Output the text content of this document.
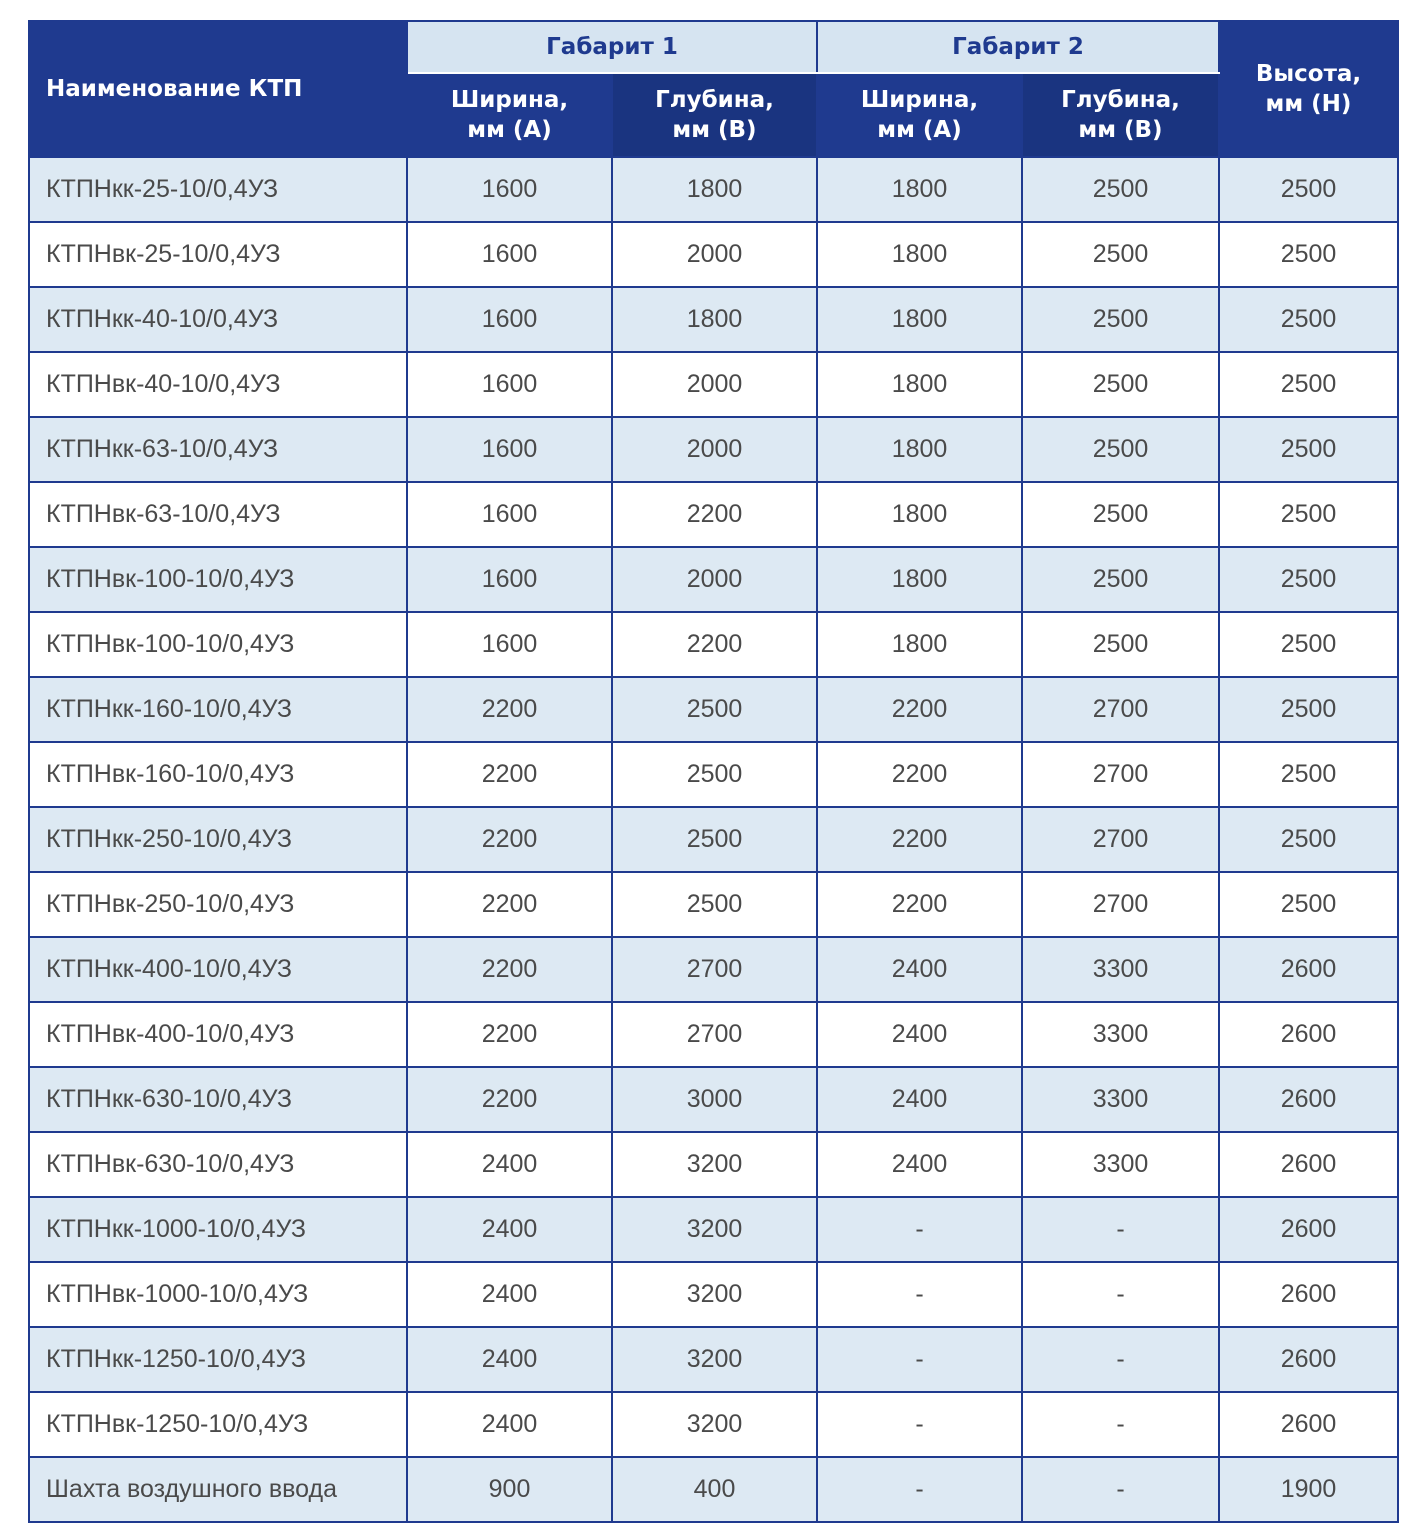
Наименование КТП	Габарит 1		Габарит 2		Высота, мм (Н)
	Ширина, мм (А)	Глубина, мм (В)	Ширина, мм (А)	Глубина, мм (В)	
КТПНкк-25-10/0,4УЗ	1600	1800	1800	2500	2500
КТПНвк-25-10/0,4УЗ	1600	2000	1800	2500	2500
КТПНкк-40-10/0,4УЗ	1600	1800	1800	2500	2500
КТПНвк-40-10/0,4УЗ	1600	2000	1800	2500	2500
КТПНкк-63-10/0,4УЗ	1600	2000	1800	2500	2500
КТПНвк-63-10/0,4УЗ	1600	2200	1800	2500	2500
КТПНвк-100-10/0,4УЗ	1600	2000	1800	2500	2500
КТПНвк-100-10/0,4УЗ	1600	2200	1800	2500	2500
КТПНкк-160-10/0,4УЗ	2200	2500	2200	2700	2500
КТПНвк-160-10/0,4УЗ	2200	2500	2200	2700	2500
КТПНкк-250-10/0,4УЗ	2200	2500	2200	2700	2500
КТПНвк-250-10/0,4УЗ	2200	2500	2200	2700	2500
КТПНкк-400-10/0,4УЗ	2200	2700	2400	3300	2600
КТПНвк-400-10/0,4УЗ	2200	2700	2400	3300	2600
КТПНкк-630-10/0,4УЗ	2200	3000	2400	3300	2600
КТПНвк-630-10/0,4УЗ	2400	3200	2400	3300	2600
КТПНкк-1000-10/0,4УЗ	2400	3200	-	-	2600
КТПНвк-1000-10/0,4УЗ	2400	3200	-	-	2600
КТПНкк-1250-10/0,4УЗ	2400	3200	-	-	2600
КТПНвк-1250-10/0,4УЗ	2400	3200	-	-	2600
Шахта воздушного ввода	900	400	-	-	1900
